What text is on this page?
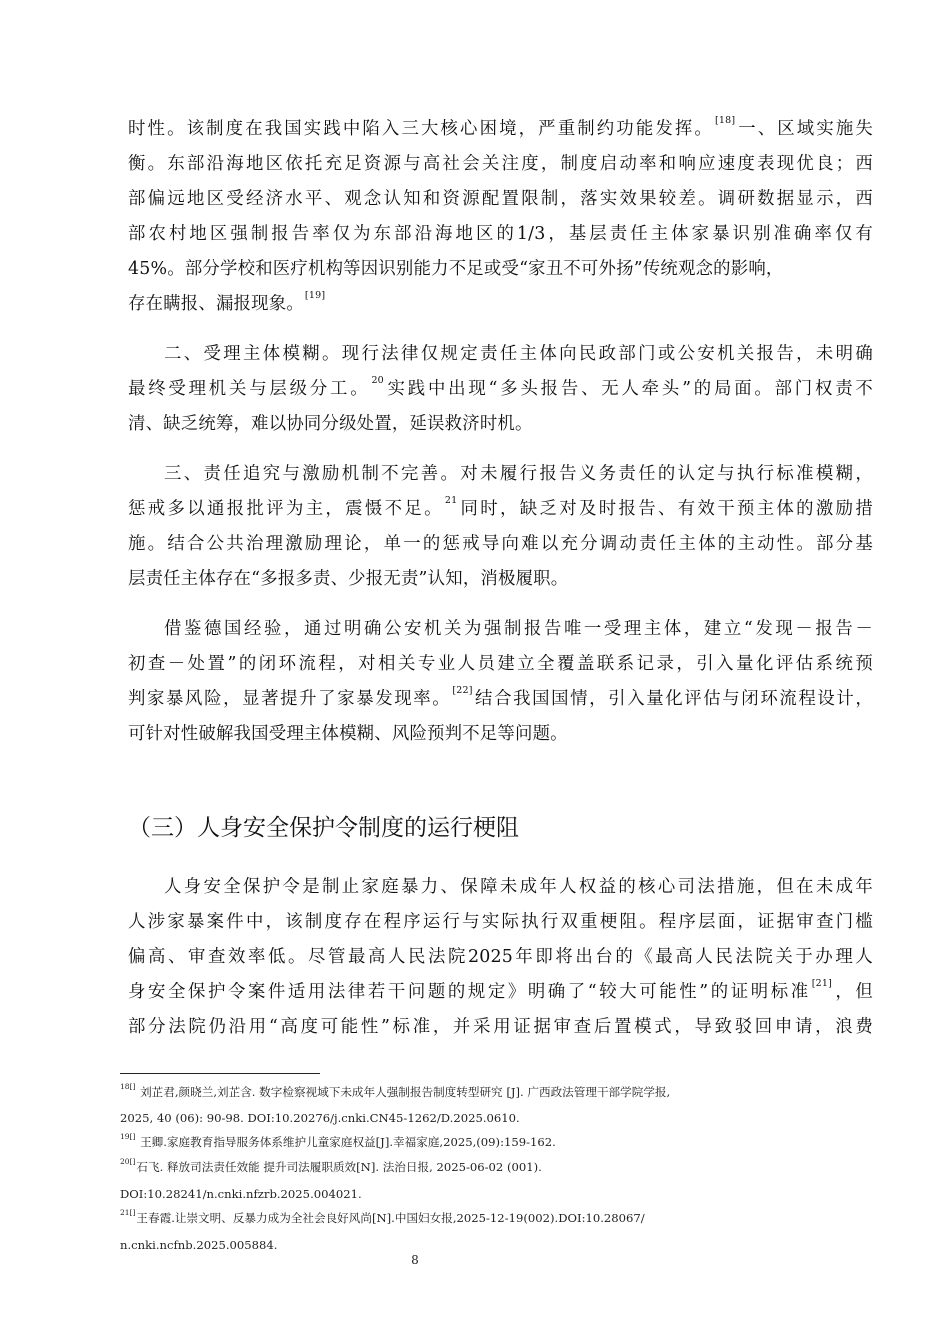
时性。该制度在我国实践中陷入三大核心困境，严重制约功能发挥。[18]一、区域实施失
衡。东部沿海地区依托充足资源与高社会关注度，制度启动率和响应速度表现优良；西
部偏远地区受经济水平、观念认知和资源配置限制，落实效果较差。调研数据显示，西
部农村地区强制报告率仅为东部沿海地区的1/3，基层责任主体家暴识别准确率仅有
45%。部分学校和医疗机构等因识别能力不足或受“家丑不可外扬”传统观念的影响，
存在瞒报、漏报现象。[19]
二、受理主体模糊。现行法律仅规定责任主体向民政部门或公安机关报告，未明确
最终受理机关与层级分工。$^{20}$实践中出现“多头报告、无人牵头”的局面。部门权责不
清、缺乏统筹，难以协同分级处置，延误救济时机。
三、责任追究与激励机制不完善。对未履行报告义务责任的认定与执行标准模糊，
惩戒多以通报批评为主，震慑不足。$^{21}$同时，缺乏对及时报告、有效干预主体的激励措
施。结合公共治理激励理论，单一的惩戒导向难以充分调动责任主体的主动性。部分基
层责任主体存在“多报多责、少报无责”认知，消极履职。
借鉴德国经验，通过明确公安机关为强制报告唯一受理主体，建立“发现－报告－
初查－处置”的闭环流程，对相关专业人员建立全覆盖联系记录，引入量化评估系统预
判家暴风险，显著提升了家暴发现率。[22]结合我国国情，引入量化评估与闭环流程设计，
可针对性破解我国受理主体模糊、风险预判不足等问题。
人身安全保护令是制止家庭暴力、保障未成年人权益的核心司法措施，但在未成年
人涉家暴案件中，该制度存在程序运行与实际执行双重梗阻。程序层面，证据审查门槛
偏高、审查效率低。尽管最高人民法院2025年即将出台的《最高人民法院关于办理人
身安全保护令案件适用法律若干问题的规定》明确了“较大可能性”的证明标准[21]，但
部分法院仍沿用“高度可能性”标准，并采用证据审查后置模式，导致驳回申请，浪费
（三）人身安全保护令制度的运行梗阻
$^{18[]}$ 刘芷君,颜晓兰,刘芷含. 数字检察视域下未成年人强制报告制度转型研究 [J]. 广西政法管理干部学院学报,
2025, 40 (06): 90-98. DOI:10.20276/j.cnki.CN45-1262/D.2025.0610.
$^{19[]}$ 王卿.家庭教育指导服务体系维护儿童家庭权益[J].幸福家庭,2025,(09):159-162.
$^{20[]}$石飞. 释放司法责任效能 提升司法履职质效[N]. 法治日报, 2025-06-02 (001).
DOI:10.28241/n.cnki.nfzrb.2025.004021.
$^{21[]}$王春霞.让崇文明、反暴力成为全社会良好风尚[N].中国妇女报,2025-12-19(002).DOI:10.28067/
n.cnki.ncfnb.2025.005884.
8
